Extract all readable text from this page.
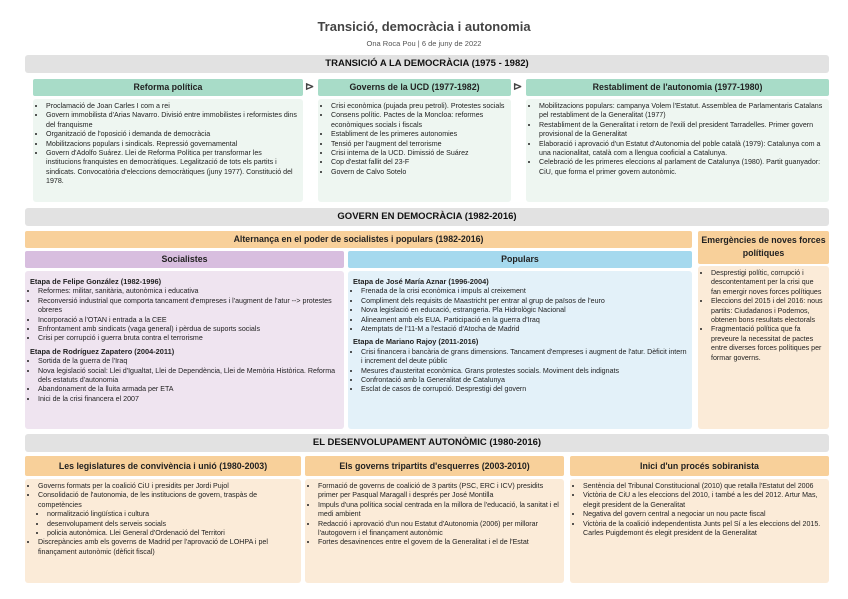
Transició, democràcia i autonomia
Ona Roca Pou | 6 de juny de 2022
TRANSICIÓ A LA DEMOCRÀCIA (1975 - 1982)
Reforma política	⊳	Governs de la UCD (1977-1982)	⊳	Restabliment de l'autonomia (1977-1980)
• Proclamació de Joan Carles I com a rei
• Govern immobilista d'Arias Navarro. Divisió entre immobilistes i reformistes dins del franquisme
• Organització de l'oposició i demanda de democràcia
• Mobilitzacions populars i sindicals. Repressió governamental
• Govern d'Adolfo Suárez. Llei de Reforma Política per transformar les institucions franquistes en democràtiques. Legalització de tots els partits i sindicats. Convocatòria d'eleccions democràtiques (juny 1977). Constitució del 1978.
• Crisi econòmica (pujada preu petroli). Protestes socials
• Consens polític. Pactes de la Moncloa: reformes econòmiques socials i fiscals
• Establiment de les primeres autonomies
• Tensió per l'augment del terrorisme
• Crisi interna de la UCD. Dimissió de Suárez
• Cop d'estat fallit del 23-F
• Govern de Calvo Sotelo
• Mobilitzacions populars: campanya Volem l'Estatut. Assemblea de Parlamentaris Catalans pel restabliment de la Generalitat (1977)
• Restabliment de la Generalitat i retorn de l'exili del president Tarradelles. Primer govern provisional de la Generalitat
• Elaboració i aprovació d'un Estatut d'Autonomia del poble català (1979): Catalunya com a una nacionalitat, català com a llengua cooficial a Catalunya.
• Celebració de les primeres eleccions al parlament de Catalunya (1980). Partit guanyador: CiU, que forma el primer govern autonòmic.
GOVERN EN DEMOCRÀCIA (1982-2016)
Alternança en el poder de socialistes i populars (1982-2016)
Socialistes	Populars
Etapa de Felipe González (1982-1996)
• Reformes: militar, sanitària, autonòmica i educativa
• Reconversió industrial que comporta tancament d'empreses i l'augment de l'atur --> protestes obreres
• Incorporació a l'OTAN i entrada a la CEE
• Enfrontament amb sindicats (vaga general) i pèrdua de suports socials
• Crisi per corrupció i guerra bruta contra el terrorisme
Etapa de Rodríguez Zapatero (2004-2011)
• Sortida de la guerra de l'Iraq
• Nova legislació social: Llei d'Igualtat, Llei de Dependència, Llei de Memòria Històrica. Reforma dels estatuts d'autonomia
• Abandonament de la lluita armada per ETA
• Inici de la crisi financera el 2007
Etapa de José María Aznar (1996-2004)
• Frenada de la crisi econòmica i impuls al creixement
• Compliment dels requisits de Maastricht per entrar al grup de països de l'euro
• Nova legislació en educació, estrangeria. Pla Hidrològic Nacional
• Alineament amb els EUA. Participació en la guerra d'Iraq
• Atemptats de l'11-M a l'estació d'Atocha de Madrid
Etapa de Mariano Rajoy (2011-2016)
• Crisi financera i bancària de grans dimensions. Tancament d'empreses i augment de l'atur. Dèficit intern i increment del deute públic
• Mesures d'austeritat econòmica. Grans protestes socials. Moviment dels indignats
• Confrontació amb la Generalitat de Catalunya
• Esclat de casos de corrupció. Desprestigi del govern
Emergències de noves forces polítiques
• Desprestigi polític, corrupció i descontentament per la crisi que fan emergir noves forces polítiques
• Eleccions del 2015 i del 2016: nous partits: Ciudadanos i Podemos, obtenen bons resultats electorals
• Fragmentació política que fa preveure la necessitat de pactes entre diverses forces polítiques per formar governs.
EL DESENVOLUPAMENT AUTONÒMIC (1980-2016)
Les legislatures de convivència i unió (1980-2003)	Els governs tripartits d'esquerres (2003-2010)	Inici d'un procés sobiranista
• Governs formats per la coalició CiU i presidits per Jordi Pujol
• Consolidació de l'autonomia, de les institucions de govern, traspàs de competències
• normalització lingüística i cultura
• desenvolupament dels serveis socials
• policia autonòmica. Llei General d'Ordenació del Territori
• Discrepàncies amb els governs de Madrid per l'aprovació de LOHPA i pel finançament autonòmic (dèficit fiscal)
• Formació de governs de coalició de 3 partits (PSC, ERC i ICV) presidits primer per Pasqual Maragall i després per José Montilla
• Impuls d'una política social centrada en la millora de l'educació, la sanitat i el medi ambient
• Redacció i aprovació d'un nou Estatut d'Autonomia (2006) per millorar l'autogovern i el finançament autonòmic
• Fortes desavinences entre el govern de la Generalitat i el de l'Estat
• Sentència del Tribunal Constitucional (2010) que retalla l'Estatut del 2006
• Victòria de CiU a les eleccions del 2010, i també a les del 2012. Artur Mas, elegit president de la Generalitat
• Negativa del govern central a negociar un nou pacte fiscal
• Victòria de la coalició independentista Junts pel Sí a les eleccions del 2015. Carles Puigdemont és elegit president de la Generalitat
